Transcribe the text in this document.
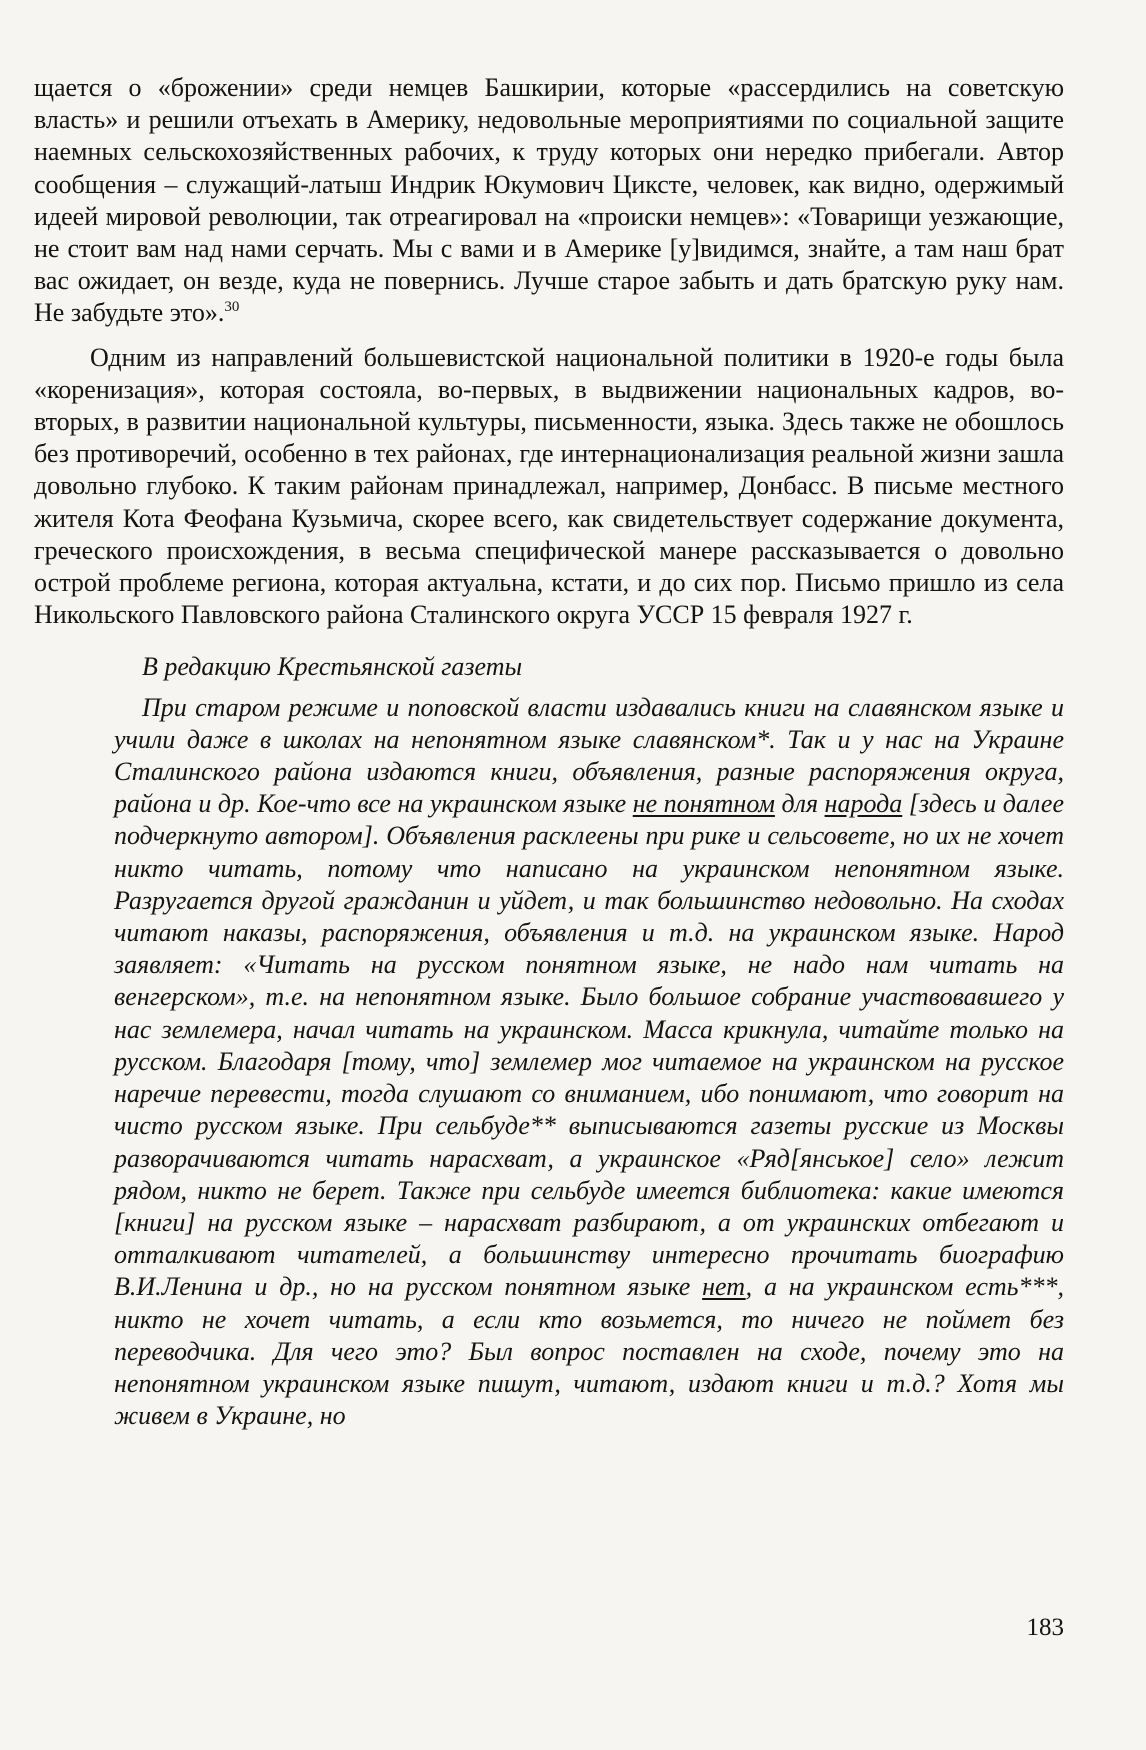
щается о «брожении» среди немцев Башкирии, которые «рассердились на советскую власть» и решили отъехать в Америку, недовольные мероприятиями по социальной защите наемных сельскохозяйственных рабочих, к труду которых они нередко прибегали. Автор сообщения – служащий-латыш Индрик Юкумович Циксте, человек, как видно, одержимый идеей мировой революции, так отреагировал на «происки немцев»: «Товарищи уезжающие, не стоит вам над нами серчать. Мы с вами и в Америке [у]видимся, знайте, а там наш брат вас ожидает, он везде, куда не повернись. Лучше старое забыть и дать братскую руку нам. Не забудьте это».$^{30}$

Одним из направлений большевистской национальной политики в 1920-е годы была «коренизация», которая состояла, во-первых, в выдвижении национальных кадров, во-вторых, в развитии национальной культуры, письменности, языка. Здесь также не обошлось без противоречий, особенно в тех районах, где интернационализация реальной жизни зашла довольно глубоко. К таким районам принадлежал, например, Донбасс. В письме местного жителя Кота Феофана Кузьмича, скорее всего, как свидетельствует содержание документа, греческого происхождения, в весьма специфической манере рассказывается о довольно острой проблеме региона, которая актуальна, кстати, и до сих пор. Письмо пришло из села Никольского Павловского района Сталинского округа УССР 15 февраля 1927 г.

В редакцию Крестьянской газеты

При старом режиме и поповской власти издавались книги на славянском языке и учили даже в школах на непонятном языке славянском*. Так и у нас на Украине Сталинского района издаются книги, объявления, разные распоряжения округа, района и др. Кое-что все на украинском языке не понятном для народа [здесь и далее подчеркнуто автором]. Объявления расклеены при рике и сельсовете, но их не хочет никто читать, потому что написано на украинском непонятном языке. Разругается другой гражданин и уйдет, и так большинство недовольно. На сходах читают наказы, распоряжения, объявления и т.д. на украинском языке. Народ заявляет: «Читать на русском понятном языке, не надо нам читать на венгерском», т.е. на непонятном языке. Было большое собрание участвовавшего у нас землемера, начал читать на украинском. Масса крикнула, читайте только на русском. Благодаря [тому, что] землемер мог читаемое на украинском на русское наречие перевести, тогда слушают со вниманием, ибо понимают, что говорит на чисто русском языке. При сельбуде** выписываются газеты русские из Москвы разворачиваются читать нарасхват, а украинское «Ряд[янськое] село» лежит рядом, никто не берет. Также при сельбуде имеется библиотека: какие имеются [книги] на русском языке – нарасхват разбирают, а от украинских отбегают и отталкивают читателей, а большинству интересно прочитать биографию В.И.Ленина и др., но на русском понятном языке нет, а на украинском есть***, никто не хочет читать, а если кто возьмется, то ничего не поймет без переводчика. Для чего это? Был вопрос поставлен на сходе, почему это на непонятном украинском языке пишут, читают, издают книги и т.д.? Хотя мы живем в Украине, но

183
